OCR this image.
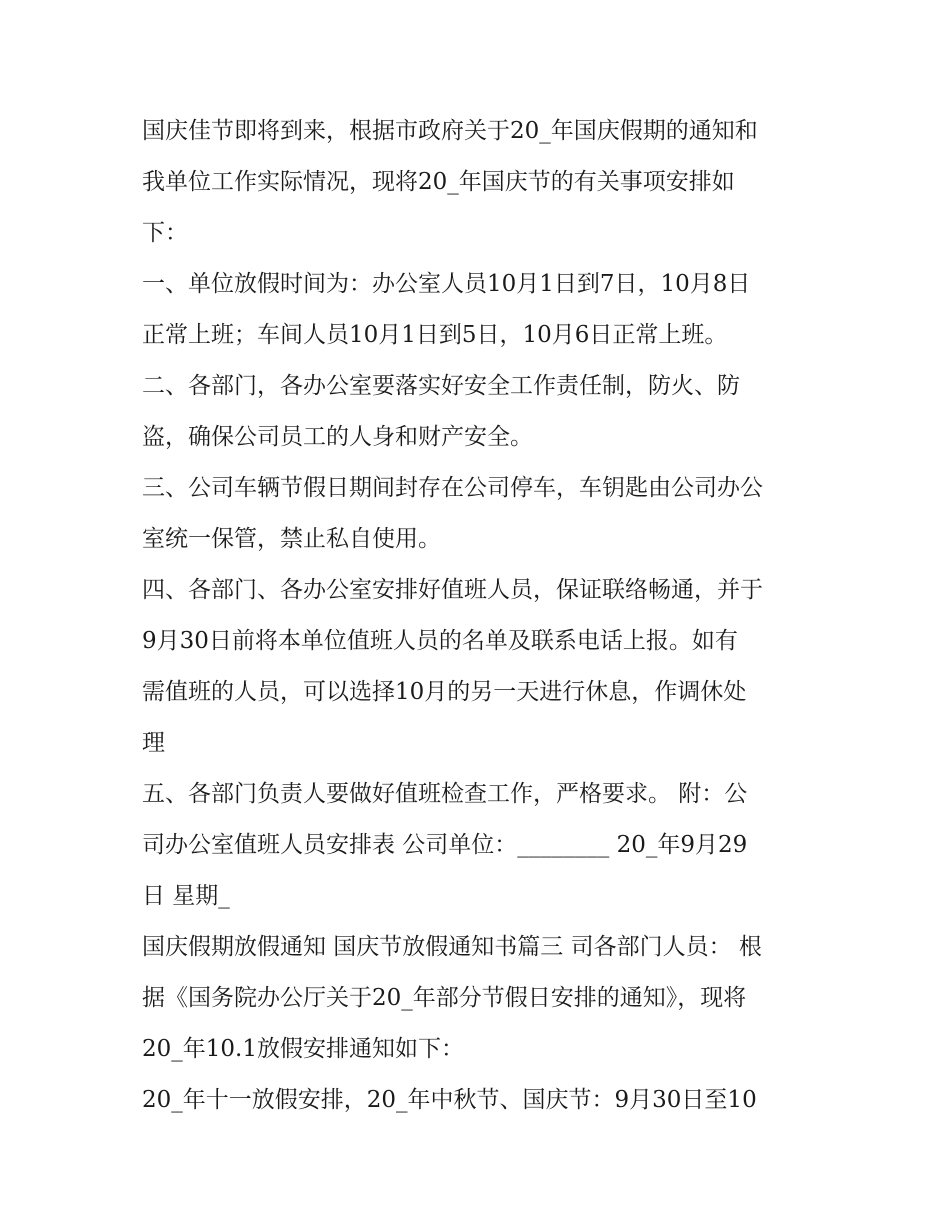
国庆佳节即将到来，根据市政府关于20_年国庆假期的通知和
我单位工作实际情况，现将20_年国庆节的有关事项安排如
下：
一、单位放假时间为：办公室人员10月1日到7日，10月8日
正常上班；车间人员10月1日到5日，10月6日正常上班。
二、各部门，各办公室要落实好安全工作责任制，防火、防
盗，确保公司员工的人身和财产安全。
三、公司车辆节假日期间封存在公司停车，车钥匙由公司办公
室统一保管，禁止私自使用。
四、各部门、各办公室安排好值班人员，保证联络畅通，并于
9月30日前将本单位值班人员的名单及联系电话上报。如有
需值班的人员，可以选择10月的另一天进行休息，作调休处
理
五、各部门负责人要做好值班检查工作，严格要求。 附：公
司办公室值班人员安排表 公司单位：________ 20_年9月29
日 星期_
国庆假期放假通知 国庆节放假通知书篇三 司各部门人员： 根
据《国务院办公厅关于20_年部分节假日安排的通知》，现将
20_年10.1放假安排通知如下：
20_年十一放假安排，20_年中秋节、国庆节：9月30日至10
